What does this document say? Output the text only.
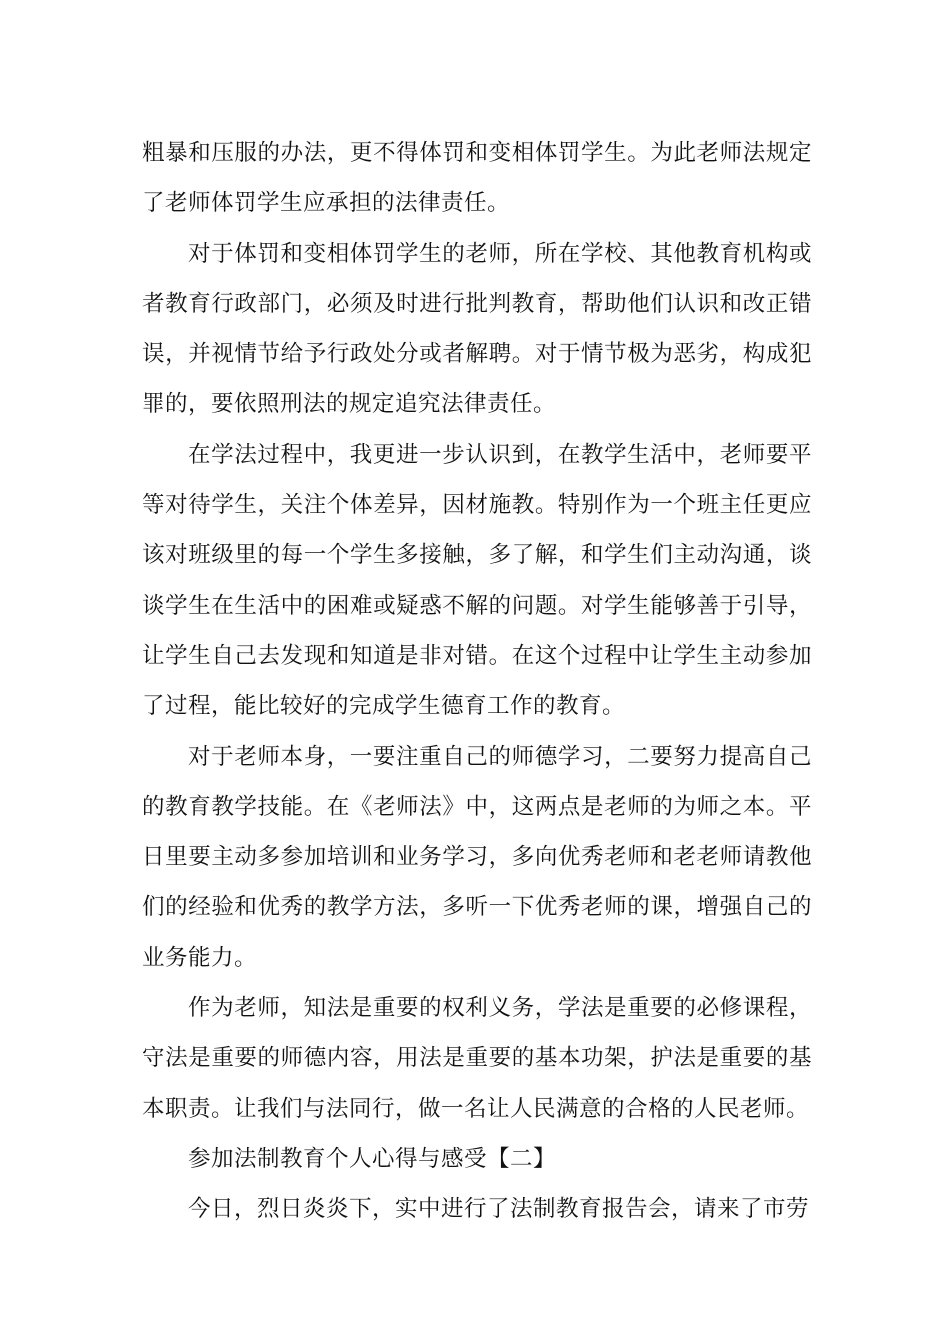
粗暴和压服的办法，更不得体罚和变相体罚学生。为此老师法规定了老师体罚学生应承担的法律责任。

对于体罚和变相体罚学生的老师，所在学校、其他教育机构或者教育行政部门，必须及时进行批判教育，帮助他们认识和改正错误，并视情节给予行政处分或者解聘。对于情节极为恶劣，构成犯罪的，要依照刑法的规定追究法律责任。

在学法过程中，我更进一步认识到，在教学生活中，老师要平等对待学生，关注个体差异，因材施教。特别作为一个班主任更应该对班级里的每一个学生多接触，多了解，和学生们主动沟通，谈谈学生在生活中的困难或疑惑不解的问题。对学生能够善于引导，让学生自己去发现和知道是非对错。在这个过程中让学生主动参加了过程，能比较好的完成学生德育工作的教育。

对于老师本身，一要注重自己的师德学习，二要努力提高自己的教育教学技能。在《老师法》中，这两点是老师的为师之本。平日里要主动多参加培训和业务学习，多向优秀老师和老老师请教他们的经验和优秀的教学方法，多听一下优秀老师的课，增强自己的业务能力。

作为老师，知法是重要的权利义务，学法是重要的必修课程，守法是重要的师德内容，用法是重要的基本功架，护法是重要的基本职责。让我们与法同行，做一名让人民满意的合格的人民老师。

参加法制教育个人心得与感受【二】

今日，烈日炎炎下，实中进行了法制教育报告会，请来了市劳
